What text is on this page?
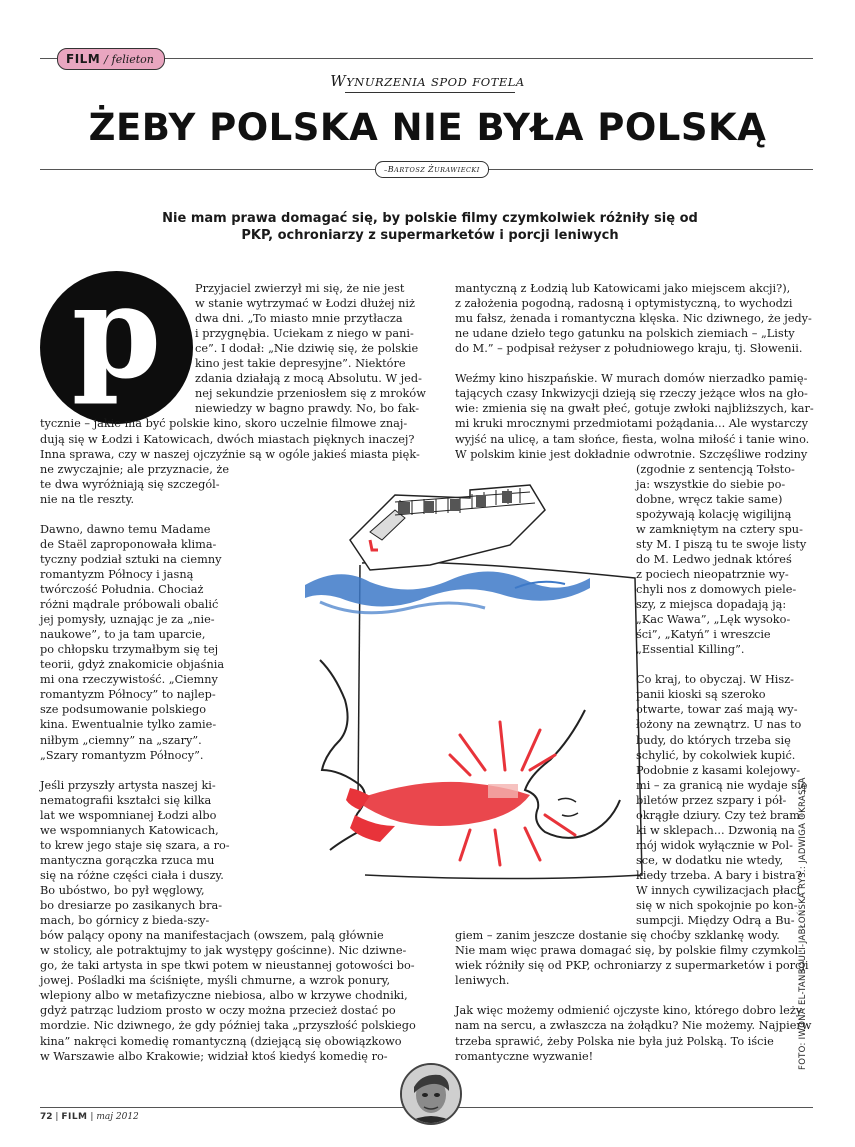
FILM / felieton
WYNURZENIA SPOD FOTELA
ŻEBY POLSKA NIE BYŁA POLSKĄ
–BARTOSZ ŻURAWIECKI
Nie mam prawa domagać się, by polskie filmy czymkolwiek różniły się od PKP, ochroniarzy z supermarketów i porcji leniwych
p
FOTO: IWONA EL-TANBOULI-JABŁOŃSKA RYS.: JADWIGA OKRASSA
Przyjaciel zwierzył mi się, że nie jest
w stanie wytrzymać w Łodzi dłużej niż
dwa dni. „To miasto mnie przytłacza
i przygnębia. Uciekam z niego w pani-
ce”. I dodał: „Nie dziwię się, że polskie
kino jest takie depresyjne”. Niektóre
zdania działają z mocą Absolutu. W jed-
nej sekundzie przeniosłem się z mroków
niewiedzy w bagno prawdy. No, bo fak-
tycznie – jakie ma być polskie kino, skoro uczelnie filmowe znaj-
dują się w Łodzi i Katowicach, dwóch miastach pięknych inaczej?
Inna sprawa, czy w naszej ojczyźnie są w ogóle jakieś miasta pięk-
ne zwyczajnie; ale przyznacie, że
te dwa wyróżniają się szczegól-
nie na tle reszty.
Dawno, dawno temu Madame
de Staël zaproponowała klima-
tyczny podział sztuki na ciemny
romantyzm Północy i jasną
twórczość Południa. Chociaż
różni mądrale próbowali obalić
jej pomysły, uznając je za „nie-
naukowe”, to ja tam uparcie,
po chłopsku trzymałbym się tej
teorii, gdyż znakomicie objaśnia
mi ona rzeczywistość. „Ciemny
romantyzm Północy” to najlep-
sze podsumowanie polskiego
kina. Ewentualnie tylko zamie-
niłbym „ciemny” na „szary”.
„Szary romantyzm Północy”.
Jeśli przyszły artysta naszej ki-
nematografii kształci się kilka
lat we wspomnianej Łodzi albo
we wspomnianych Katowicach,
to krew jego staje się szara, a ro-
mantyczna gorączka rzuca mu
się na różne części ciała i duszy.
Bo ubóstwo, bo pył węglowy,
bo dresiarze po zasikanych bra-
mach, bo górnicy z bieda-szy-
bów palący opony na manifestacjach (owszem, palą głównie
w stolicy, ale potraktujmy to jak występy gościnne). Nic dziwne-
go, że taki artysta in spe tkwi potem w nieustannej gotowości bo-
jowej. Pośladki ma ściśnięte, myśli chmurne, a wzrok ponury,
wlepiony albo w metafizyczne niebiosa, albo w krzywe chodniki,
gdyż patrząc ludziom prosto w oczy można przecież dostać po
mordzie. Nic dziwnego, że gdy później taka „przyszłość polskiego
kina” nakręci komedię romantyczną (dziejącą się obowiązkowo
w Warszawie albo Krakowie; widział ktoś kiedyś komedię ro-
mantyczną z Łodzią lub Katowicami jako miejscem akcji?),
z założenia pogodną, radosną i optymistyczną, to wychodzi
mu fałsz, żenada i romantyczna klęska. Nic dziwnego, że jedy-
ne udane dzieło tego gatunku na polskich ziemiach – „Listy
do M.” – podpisał reżyser z południowego kraju, tj. Słowenii.
Weźmy kino hiszpańskie. W murach domów nierzadko pamię-
tających czasy Inkwizycji dzieją się rzeczy jeżące włos na gło-
wie: zmienia się na gwałt płeć, gotuje zwłoki najbliższych, kar-
mi kruki mrocznymi przedmiotami pożądania... Ale wystarczy
wyjść na ulicę, a tam słońce, fiesta, wolna miłość i tanie wino.
W polskim kinie jest dokładnie odwrotnie. Szczęśliwe rodziny
(zgodnie z sentencją Tołsto-
ja: wszystkie do siebie po-
dobne, wręcz takie same)
spożywają kolację wigilijną
w zamkniętym na cztery spu-
sty M. I piszą tu te swoje listy
do M. Ledwo jednak któreś
z pociech nieopatrznie wy-
chyli nos z domowych piele-
szy, z miejsca dopadają ją:
„Kac Wawa”, „Lęk wysoko-
ści”, „Katyń” i wreszcie
„Essential Killing”.
Co kraj, to obyczaj. W Hisz-
panii kioski są szeroko
otwarte, towar zaś mają wy-
łożony na zewnątrz. U nas to
budy, do których trzeba się
schylić, by cokolwiek kupić.
Podobnie z kasami kolejowy-
mi – za granicą nie wydaje się
biletów przez szpary i pół-
okrągłe dziury. Czy też bram-
ki w sklepach... Dzwonią na
mój widok wyłącznie w Pol-
sce, w dodatku nie wtedy,
kiedy trzeba. A bary i bistra?
W innych cywilizacjach płaci
się w nich spokojnie po kon-
sumpcji. Między Odrą a Bu-
giem – zanim jeszcze dostanie się choćby szklankę wody.
Nie mam więc prawa domagać się, by polskie filmy czymkol-
wiek różniły się od PKP, ochroniarzy z supermarketów i porcji
leniwych.
Jak więc możemy odmienić ojczyste kino, którego dobro leży
nam na sercu, a zwłaszcza na żołądku? Nie możemy. Najpierw
trzeba sprawić, żeby Polska nie była już Polską. To iście
romantyczne wyzwanie!
72 | FILM | maj 2012
